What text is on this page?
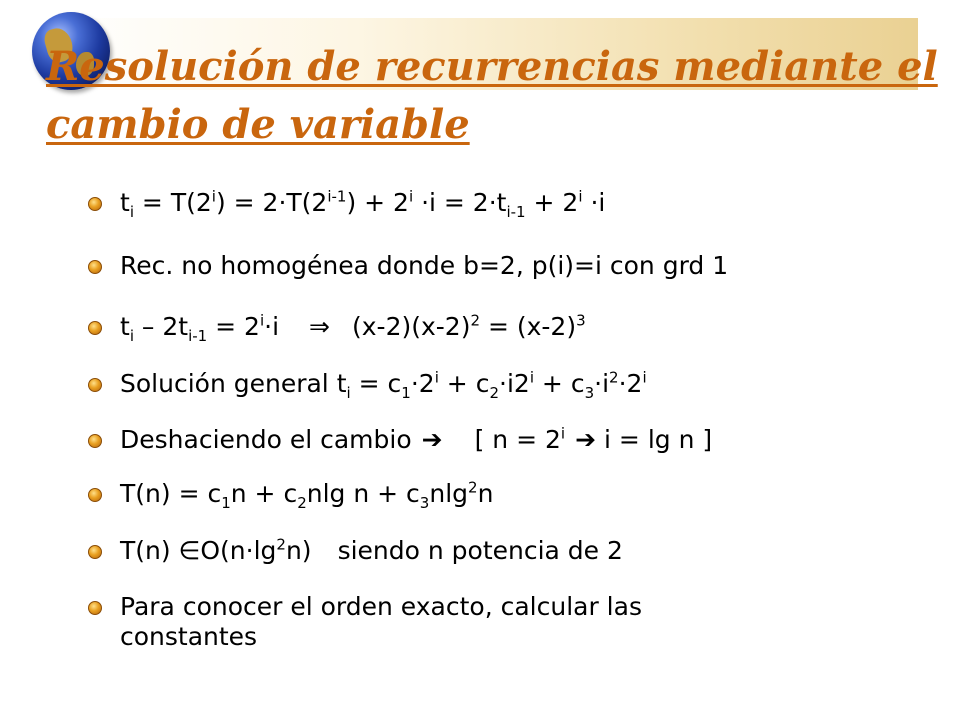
Resolución de recurrencias mediante el
cambio de variable
$t_i = T(2^i) = 2\cdot T(2^{i-1}) + 2^i \cdot i = 2\cdot t_{i-1} + 2^i \cdot i$
Rec. no homogénea donde b=2, p(i)=i con grd 1
$t_i - 2t_{i-1} = 2^i\cdot i$ ⇒ $(x-2)(x-2)^2 = (x-2)^3$
Solución general $t_i = c_1\cdot 2^i + c_2\cdot i2^i + c_3\cdot i^2\cdot 2^i$
Deshaciendo el cambio ➔ [ $n = 2^i$ ➔ i = lg n ]
$T(n) = c_1n + c_2nlg$ $n + c_3nlg^2n$
T(n) $\in O(n\cdot\lg^2n)$ siendo n potencia de 2
Para conocer el orden exacto, calcular las
constantes
